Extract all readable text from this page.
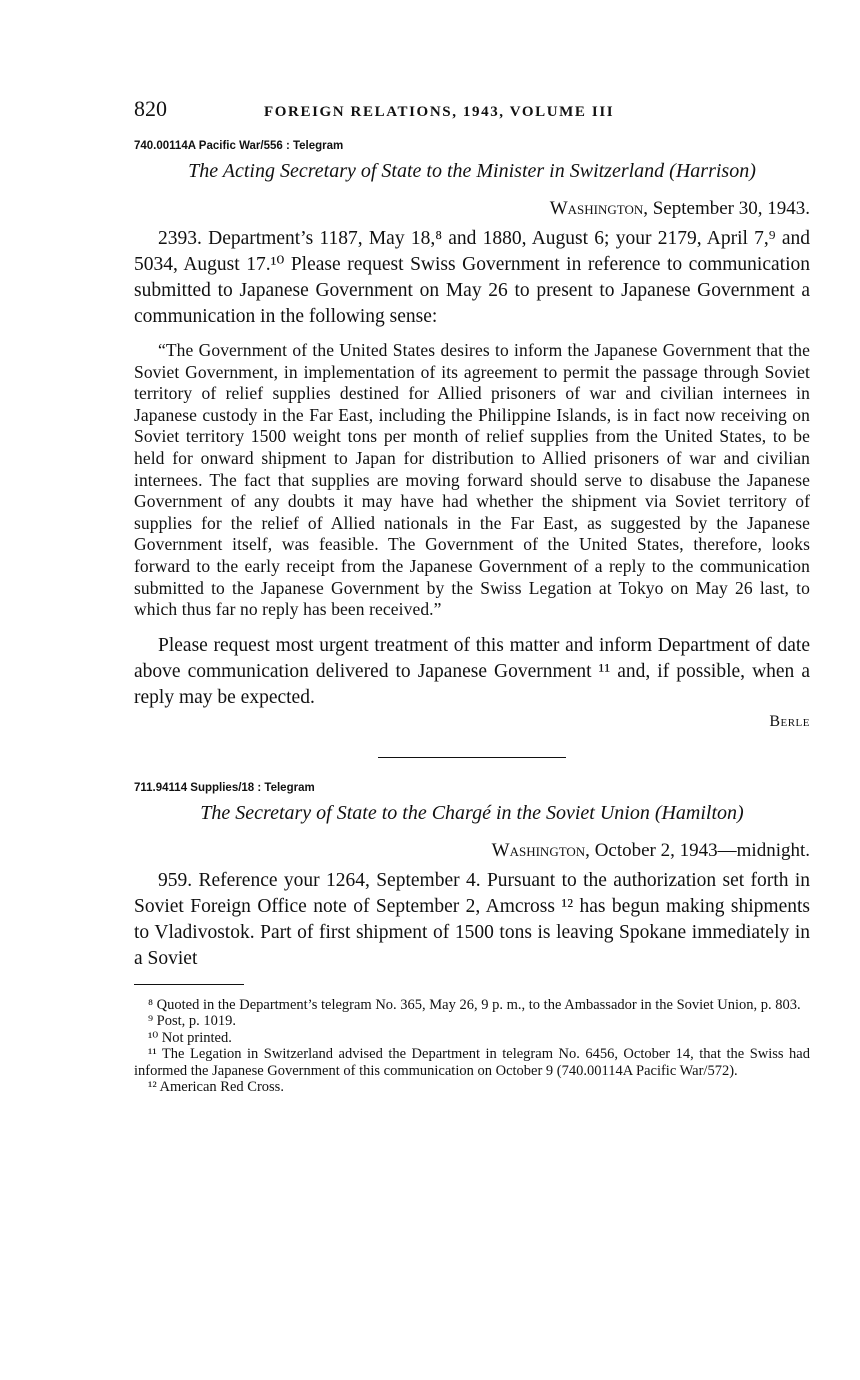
820	FOREIGN RELATIONS, 1943, VOLUME III
740.00114A Pacific War/556 : Telegram
The Acting Secretary of State to the Minister in Switzerland (Harrison)
Washington, September 30, 1943.

2393. Department’s 1187, May 18,⁸ and 1880, August 6; your 2179, April 7,⁹ and 5034, August 17.¹⁰ Please request Swiss Government in reference to communication submitted to Japanese Government on May 26 to present to Japanese Government a communication in the following sense:

“The Government of the United States desires to inform the Japanese Government that the Soviet Government, in implementation of its agreement to permit the passage through Soviet territory of relief supplies destined for Allied prisoners of war and civilian internees in Japanese custody in the Far East, including the Philippine Islands, is in fact now receiving on Soviet territory 1500 weight tons per month of relief supplies from the United States, to be held for onward shipment to Japan for distribution to Allied prisoners of war and civilian internees. The fact that supplies are moving forward should serve to disabuse the Japanese Government of any doubts it may have had whether the shipment via Soviet territory of supplies for the relief of Allied nationals in the Far East, as suggested by the Japanese Government itself, was feasible. The Government of the United States, therefore, looks forward to the early receipt from the Japanese Government of a reply to the communication submitted to the Japanese Government by the Swiss Legation at Tokyo on May 26 last, to which thus far no reply has been received.”

Please request most urgent treatment of this matter and inform Department of date above communication delivered to Japanese Government ¹¹ and, if possible, when a reply may be expected.

Berle
711.94114 Supplies/18 : Telegram
The Secretary of State to the Chargé in the Soviet Union (Hamilton)
Washington, October 2, 1943—midnight.

959. Reference your 1264, September 4. Pursuant to the authorization set forth in Soviet Foreign Office note of September 2, Amcross ¹² has begun making shipments to Vladivostok. Part of first shipment of 1500 tons is leaving Spokane immediately in a Soviet

⁸ Quoted in the Department’s telegram No. 365, May 26, 9 p. m., to the Ambassador in the Soviet Union, p. 803.
⁹ Post, p. 1019.
¹⁰ Not printed.
¹¹ The Legation in Switzerland advised the Department in telegram No. 6456, October 14, that the Swiss had informed the Japanese Government of this communication on October 9 (740.00114A Pacific War/572).
¹² American Red Cross.
